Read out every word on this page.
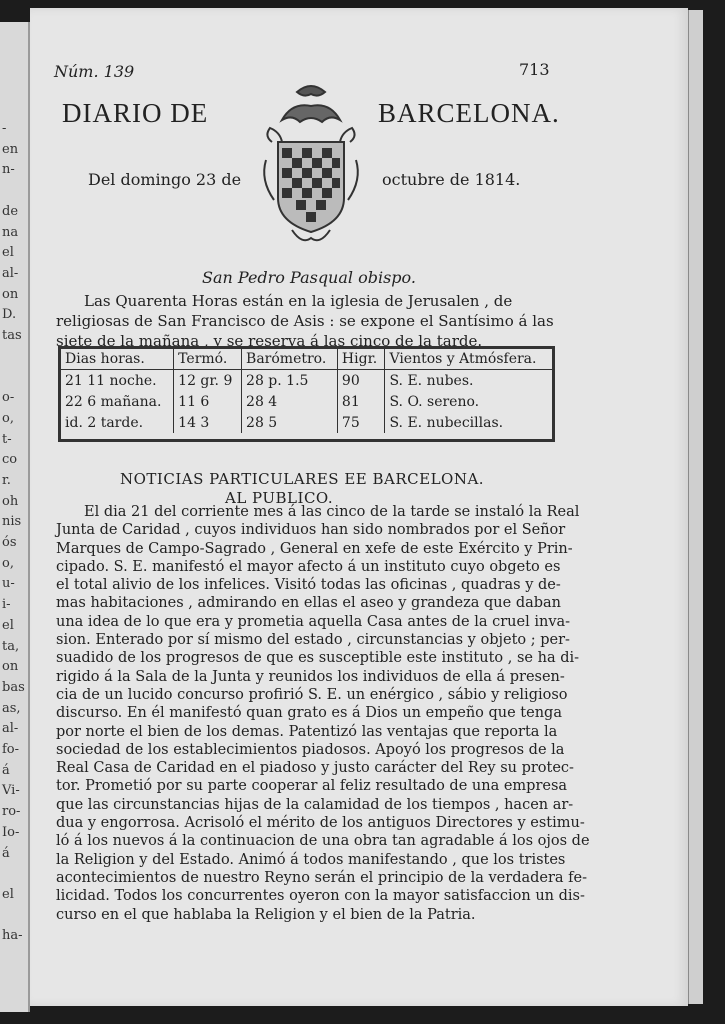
-
en
n-
de
na
el
al-
on
D.
tas
o-
o,
t-
co
r.
oh
nis
ós
o,
u-
i-
el
ta,
on
bas
as,
al-
fo-
á
Vi-
ro-
Io-
á
el
ha-
Núm. 139	713
DIARIO DE	BARCELONA.
Del domingo 23 de	octubre de 1814.
San Pedro Pasqual obispo.
Las Quarenta Horas están en la iglesia de Jerusalen , de
religiosas de San Francisco de Asis : se expone el Santísimo á las
siete de la mañana , y se reserva á las cinco de la tarde.
Dias horas.	Termó.	Barómetro.	Higr.	Vientos y Atmósfera.
21 11 noche.	12 gr. 9	28 p. 1.5	90	S. E. nubes.
22 6 mañana.	11 6	28 4	81	S. O. sereno.
id. 2 tarde.	14 3	28 5	75	S. E. nubecillas.
NOTICIAS PARTICULARES EE BARCELONA.
AL PUBLICO.
El dia 21 del corriente mes á las cinco de la tarde se instaló la Real
Junta de Caridad , cuyos individuos han sido nombrados por el Señor
Marques de Campo-Sagrado , General en xefe de este Exército y Prin-
cipado. S. E. manifestó el mayor afecto á un instituto cuyo obgeto es
el total alivio de los infelices. Visitó todas las oficinas , quadras y de-
mas habitaciones , admirando en ellas el aseo y grandeza que daban
una idea de lo que era y prometia aquella Casa antes de la cruel inva-
sion. Enterado por sí mismo del estado , circunstancias y objeto ; per-
suadido de los progresos de que es susceptible este instituto , se ha di-
rigido á la Sala de la Junta y reunidos los individuos de ella á presen-
cia de un lucido concurso profirió S. E. un enérgico , sábio y religioso
discurso. En él manifestó quan grato es á Dios un empeño que tenga
por norte el bien de los demas. Patentizó las ventajas que reporta la
sociedad de los establecimientos piadosos. Apoyó los progresos de la
Real Casa de Caridad en el piadoso y justo carácter del Rey su protec-
tor. Prometió por su parte cooperar al feliz resultado de una empresa
que las circunstancias hijas de la calamidad de los tiempos , hacen ar-
dua y engorrosa. Acrisoló el mérito de los antiguos Directores y estimu-
ló á los nuevos á la continuacion de una obra tan agradable á los ojos de
la Religion y del Estado. Animó á todos manifestando , que los tristes
acontecimientos de nuestro Reyno serán el principio de la verdadera fe-
licidad. Todos los concurrentes oyeron con la mayor satisfaccion un dis-
curso en el que hablaba la Religion y el bien de la Patria.
